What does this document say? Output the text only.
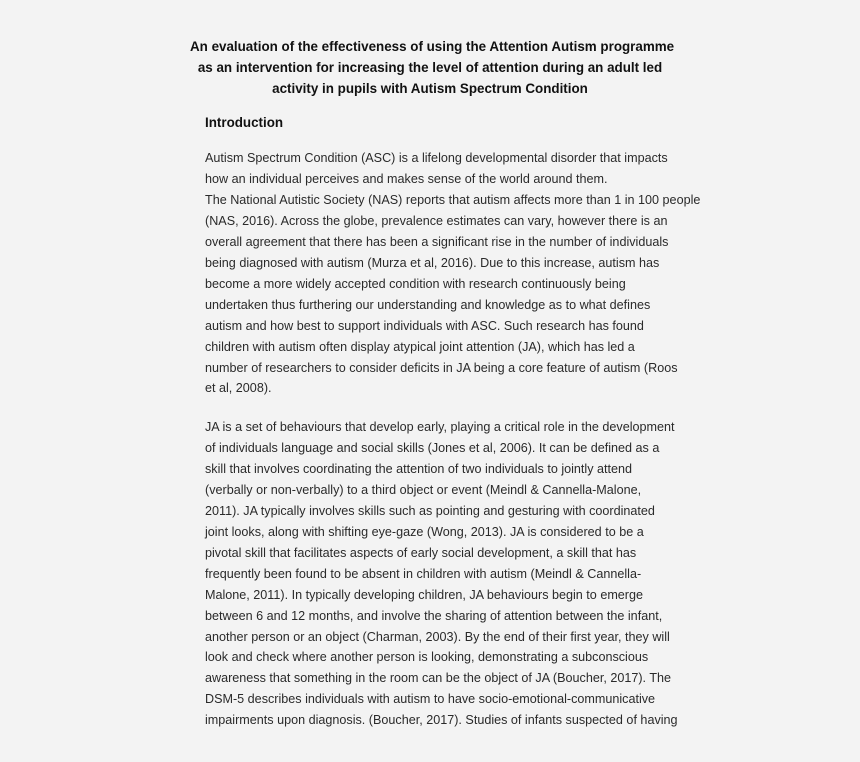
An evaluation of the effectiveness of using the Attention Autism programme
as an intervention for increasing the level of attention during an adult led
activity in pupils with Autism Spectrum Condition
Introduction
Autism Spectrum Condition (ASC) is a lifelong developmental disorder that impacts
how an individual perceives and makes sense of the world around them.
The National Autistic Society (NAS) reports that autism affects more than 1 in 100 people
(NAS, 2016). Across the globe, prevalence estimates can vary, however there is an
overall agreement that there has been a significant rise in the number of individuals
being diagnosed with autism (Murza et al, 2016). Due to this increase, autism has
become a more widely accepted condition with research continuously being
undertaken thus furthering our understanding and knowledge as to what defines
autism and how best to support individuals with ASC. Such research has found
children with autism often display atypical joint attention (JA), which has led a
number of researchers to consider deficits in JA being a core feature of autism (Roos
et al, 2008).
JA is a set of behaviours that develop early, playing a critical role in the development
of individuals language and social skills (Jones et al, 2006). It can be defined as a
skill that involves coordinating the attention of two individuals to jointly attend
(verbally or non-verbally) to a third object or event (Meindl & Cannella-Malone,
2011). JA typically involves skills such as pointing and gesturing with coordinated
joint looks, along with shifting eye-gaze (Wong, 2013). JA is considered to be a
pivotal skill that facilitates aspects of early social development, a skill that has
frequently been found to be absent in children with autism (Meindl & Cannella-
Malone, 2011). In typically developing children, JA behaviours begin to emerge
between 6 and 12 months, and involve the sharing of attention between the infant,
another person or an object (Charman, 2003). By the end of their first year, they will
look and check where another person is looking, demonstrating a subconscious
awareness that something in the room can be the object of JA (Boucher, 2017). The
DSM-5 describes individuals with autism to have socio-emotional-communicative
impairments upon diagnosis. (Boucher, 2017). Studies of infants suspected of having
